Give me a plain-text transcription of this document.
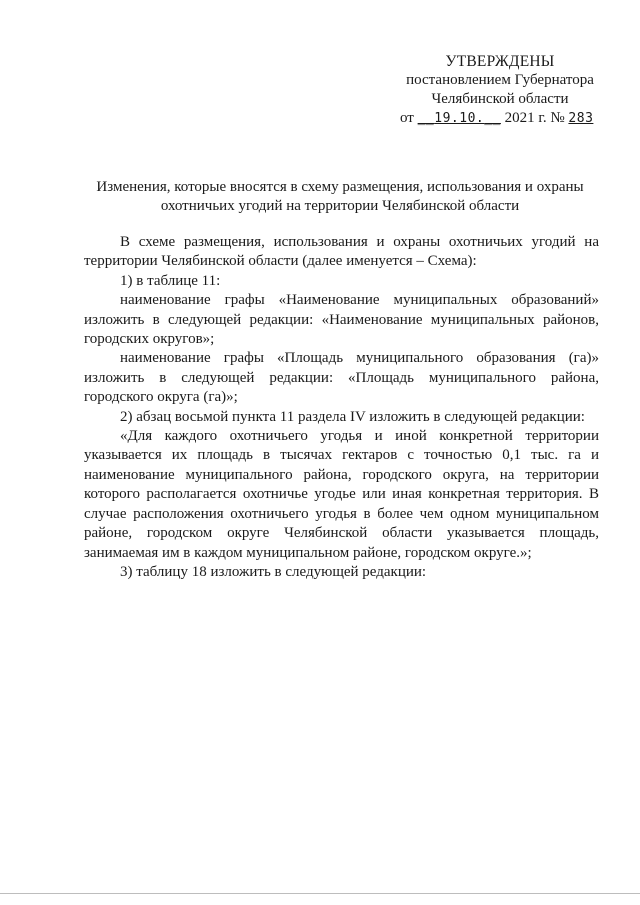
УТВЕРЖДЕНЫ
постановлением Губернатора
Челябинской области
от __19.10.__ 2021 г. № 283
Изменения, которые вносятся в схему размещения, использования и охраны
охотничьих угодий на территории Челябинской области

В схеме размещения, использования и охраны охотничьих угодий на территории Челябинской области (далее именуется – Схема):

1) в таблице 11:

наименование графы «Наименование муниципальных образований» изложить в следующей редакции: «Наименование муниципальных районов, городских округов»;

наименование графы «Площадь муниципального образования (га)» изложить в следующей редакции: «Площадь муниципального района, городского округа (га)»;

2) абзац восьмой пункта 11 раздела IV изложить в следующей редакции:

«Для каждого охотничьего угодья и иной конкретной территории указывается их площадь в тысячах гектаров с точностью 0,1 тыс. га и наименование муниципального района, городского округа, на территории которого располагается охотничье угодье или иная конкретная территория. В случае расположения охотничьего угодья в более чем одном муниципальном районе, городском округе Челябинской области указывается площадь, занимаемая им в каждом муниципальном районе, городском округе.»;

3) таблицу 18 изложить в следующей редакции:
